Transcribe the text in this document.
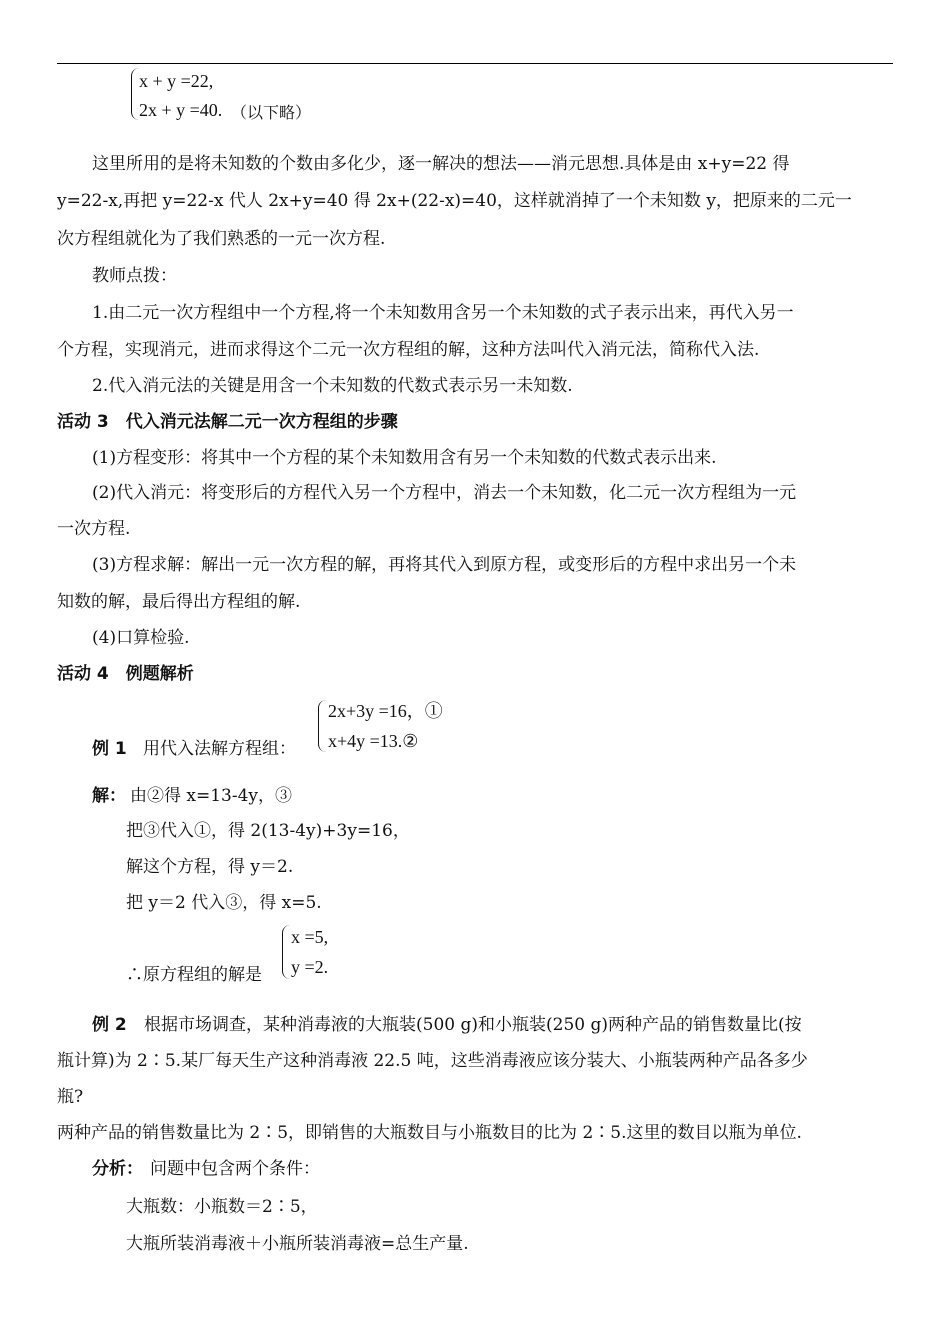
x + y =22,
2x + y =40. （以下略）
这里所用的是将未知数的个数由多化少，逐一解决的想法——消元思想.具体是由 x+y=22 得
y=22-x,再把 y=22-x 代人 2x+y=40 得 2x+(22-x)=40，这样就消掉了一个未知数 y，把原来的二元一
次方程组就化为了我们熟悉的一元一次方程.
教师点拨：
1.由二元一次方程组中一个方程,将一个未知数用含另一个未知数的式子表示出来，再代入另一
个方程，实现消元，进而求得这个二元一次方程组的解，这种方法叫代入消元法，简称代入法.
2.代入消元法的关键是用含一个未知数的代数式表示另一未知数.
活动 3　代入消元法解二元一次方程组的步骤
(1)方程变形：将其中一个方程的某个未知数用含有另一个未知数的代数式表示出来.
(2)代入消元：将变形后的方程代入另一个方程中，消去一个未知数，化二元一次方程组为一元
一次方程.
(3)方程求解：解出一元一次方程的解，再将其代入到原方程，或变形后的方程中求出另一个未
知数的解，最后得出方程组的解.
(4)口算检验.
活动 4　例题解析
2x+3y =16，①
x+4y =13.②
例 1 用代入法解方程组：
解： 由②得 x=13-4y，③
把③代入①，得 2(13-4y)+3y=16，
解这个方程，得 y＝2.
把 y＝2 代入③，得 x=5.
x =5,
y =2.
∴原方程组的解是
例 2 根据市场调查，某种消毒液的大瓶装(500 g)和小瓶装(250 g)两种产品的销售数量比(按
瓶计算)为 2∶5.某厂每天生产这种消毒液 22.5 吨，这些消毒液应该分装大、小瓶装两种产品各多少
瓶?
两种产品的销售数量比为 2∶5，即销售的大瓶数目与小瓶数目的比为 2∶5.这里的数目以瓶为单位.
分析： 问题中包含两个条件：
大瓶数：小瓶数＝2∶5，
大瓶所装消毒液＋小瓶所装消毒液=总生产量.
